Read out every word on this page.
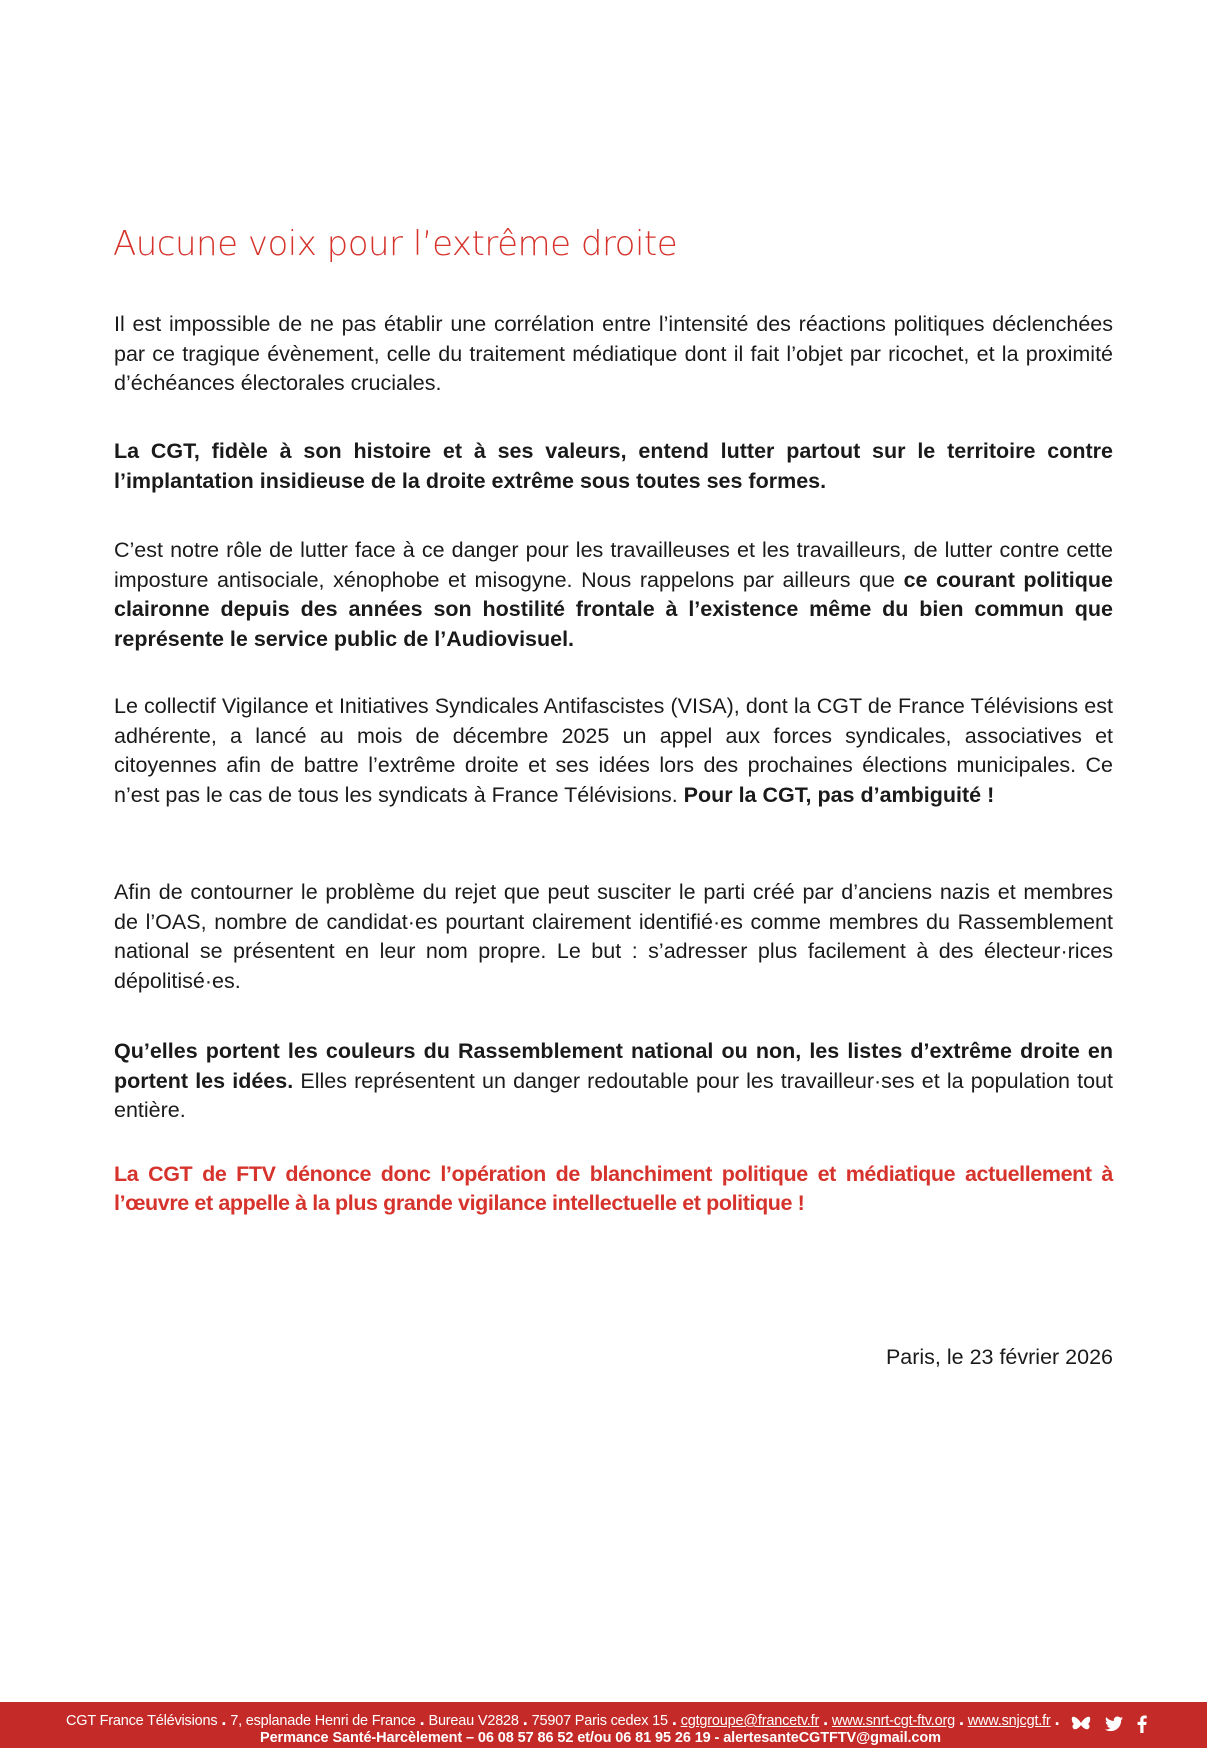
Aucune voix pour l’extrême droite

Il est impossible de ne pas établir une corrélation entre l’intensité des réactions politiques déclenchées par ce tragique évènement, celle du traitement médiatique dont il fait l’objet par ricochet, et la proximité d’échéances électorales cruciales.

La CGT, fidèle à son histoire et à ses valeurs, entend lutter partout sur le territoire contre l’implantation insidieuse de la droite extrême sous toutes ses formes.

C’est notre rôle de lutter face à ce danger pour les travailleuses et les travailleurs, de lutter contre cette imposture antisociale, xénophobe et misogyne. Nous rappelons par ailleurs que ce courant politique claironne depuis des années son hostilité frontale à l’existence même du bien commun que représente le service public de l’Audiovisuel.

Le collectif Vigilance et Initiatives Syndicales Antifascistes (VISA), dont la CGT de France Télévisions est adhérente, a lancé au mois de décembre 2025 un appel aux forces syndicales, associatives et citoyennes afin de battre l’extrême droite et ses idées lors des prochaines élections municipales. Ce n’est pas le cas de tous les syndicats à France Télévisions. Pour la CGT, pas d’ambiguité !

Afin de contourner le problème du rejet que peut susciter le parti créé par d’anciens nazis et membres de l’OAS, nombre de candidat·es pourtant clairement identifié·es comme membres du Rassemblement national se présentent en leur nom propre. Le but : s’adresser plus facilement à des électeur·rices dépolitisé·es.

Qu’elles portent les couleurs du Rassemblement national ou non, les listes d’extrême droite en portent les idées. Elles représentent un danger redoutable pour les travailleur·ses et la population tout entière.

La CGT de FTV dénonce donc l’opération de blanchiment politique et médiatique actuellement à l’œuvre et appelle à la plus grande vigilance intellectuelle et politique !

Paris, le 23 février 2026

CGT France Télévisions . 7, esplanade Henri de France . Bureau V2828 . 75907 Paris cedex 15 . cgtgroupe@francetv.fr . www.snrt-cgt-ftv.org . www.snjcgt.fr .
Permance Santé-Harcèlement – 06 08 57 86 52 et/ou 06 81 95 26 19 - alertesanteCGTFTV@gmail.com
